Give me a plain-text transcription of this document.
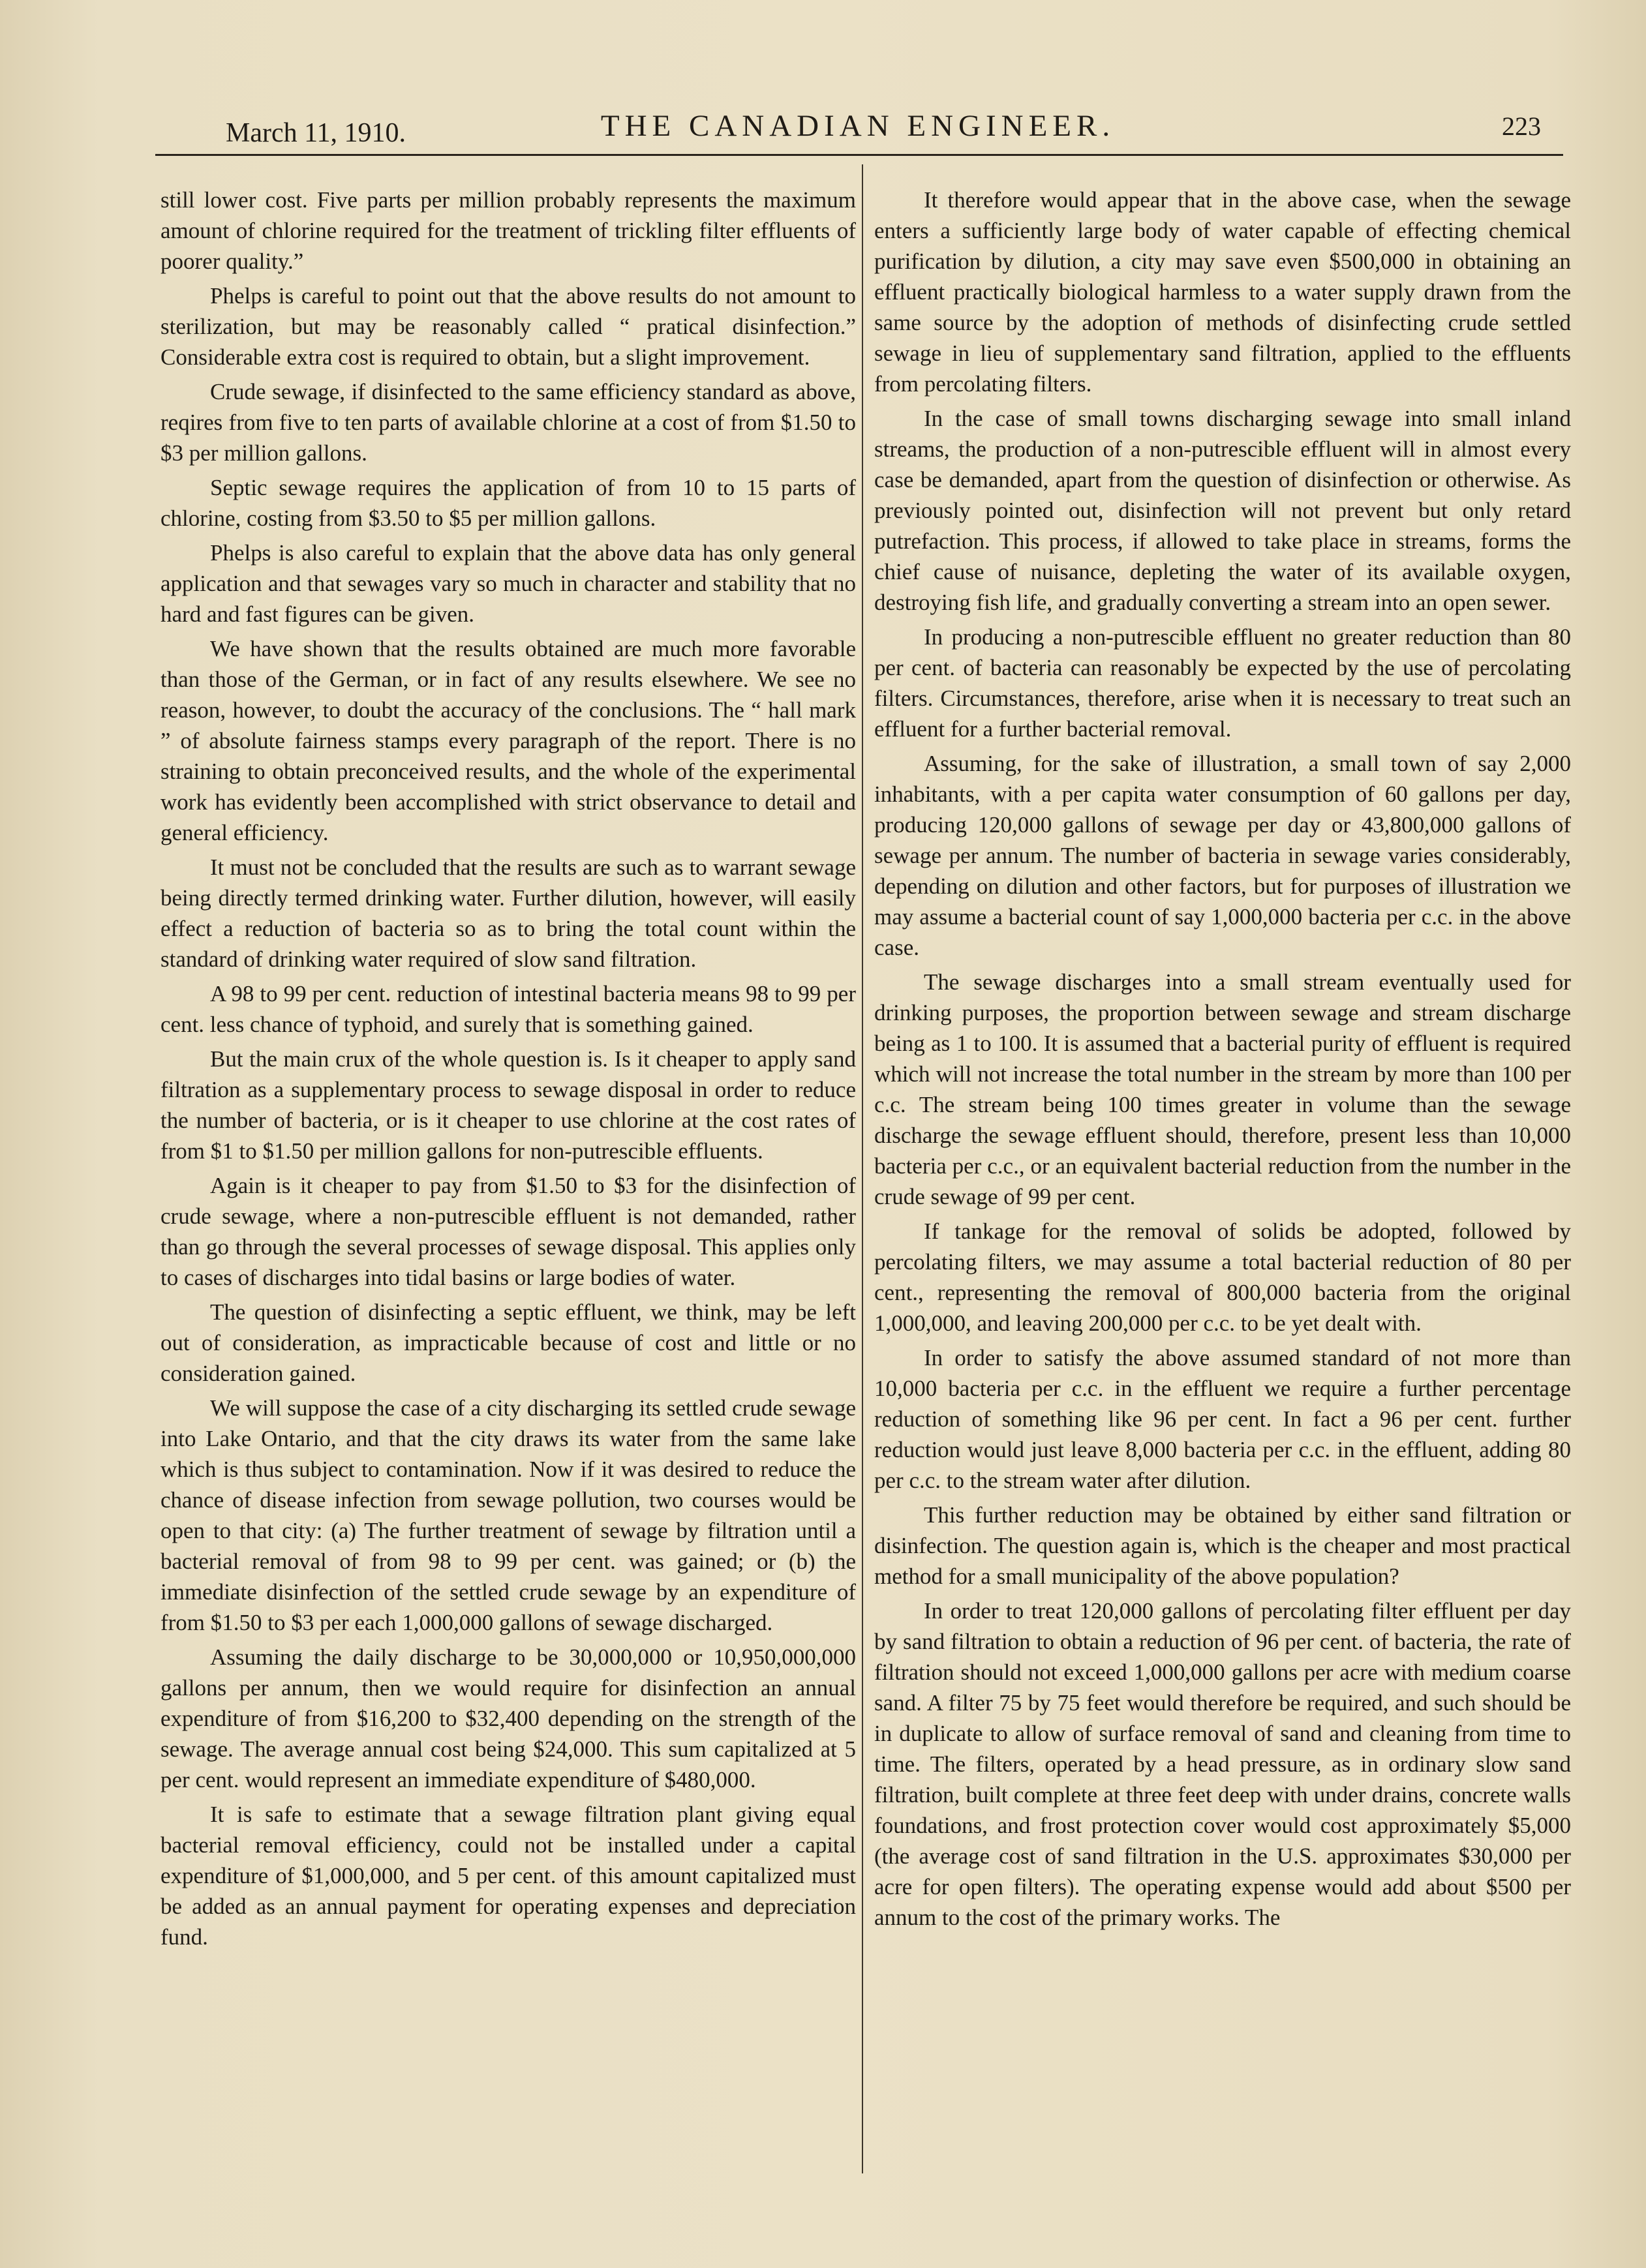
March 11, 1910.	THE CANADIAN ENGINEER.	223

still lower cost. Five parts per million probably represents the maximum amount of chlorine required for the treatment of trickling filter effluents of poorer quality.”

Phelps is careful to point out that the above results do not amount to sterilization, but may be reasonably called “ pratical disinfection.” Considerable extra cost is required to obtain, but a slight improvement.

Crude sewage, if disinfected to the same efficiency standard as above, reqires from five to ten parts of available chlorine at a cost of from $1.50 to $3 per million gallons.

Septic sewage requires the application of from 10 to 15 parts of chlorine, costing from $3.50 to $5 per million gallons.

Phelps is also careful to explain that the above data has only general application and that sewages vary so much in character and stability that no hard and fast figures can be given.

We have shown that the results obtained are much more favorable than those of the German, or in fact of any results elsewhere. We see no reason, however, to doubt the accuracy of the conclusions. The “ hall mark ” of absolute fairness stamps every paragraph of the report. There is no straining to obtain preconceived results, and the whole of the experimental work has evidently been accomplished with strict observance to detail and general efficiency.

It must not be concluded that the results are such as to warrant sewage being directly termed drinking water. Further dilution, however, will easily effect a reduction of bacteria so as to bring the total count within the standard of drinking water required of slow sand filtration.

A 98 to 99 per cent. reduction of intestinal bacteria means 98 to 99 per cent. less chance of typhoid, and surely that is something gained.

But the main crux of the whole question is. Is it cheaper to apply sand filtration as a supplementary process to sewage disposal in order to reduce the number of bacteria, or is it cheaper to use chlorine at the cost rates of from $1 to $1.50 per million gallons for non-putrescible effluents.

Again is it cheaper to pay from $1.50 to $3 for the disinfection of crude sewage, where a non-putrescible effluent is not demanded, rather than go through the several processes of sewage disposal. This applies only to cases of discharges into tidal basins or large bodies of water.

The question of disinfecting a septic effluent, we think, may be left out of consideration, as impracticable because of cost and little or no consideration gained.

We will suppose the case of a city discharging its settled crude sewage into Lake Ontario, and that the city draws its water from the same lake which is thus subject to contamination. Now if it was desired to reduce the chance of disease infection from sewage pollution, two courses would be open to that city: (a) The further treatment of sewage by filtration until a bacterial removal of from 98 to 99 per cent. was gained; or (b) the immediate disinfection of the settled crude sewage by an expenditure of from $1.50 to $3 per each 1,000,000 gallons of sewage discharged.

Assuming the daily discharge to be 30,000,000 or 10,950,000,000 gallons per annum, then we would require for disinfection an annual expenditure of from $16,200 to $32,400 depending on the strength of the sewage. The average annual cost being $24,000. This sum capitalized at 5 per cent. would represent an immediate expenditure of $480,000.

It is safe to estimate that a sewage filtration plant giving equal bacterial removal efficiency, could not be installed under a capital expenditure of $1,000,000, and 5 per cent. of this amount capitalized must be added as an annual payment for operating expenses and depreciation fund.

It therefore would appear that in the above case, when the sewage enters a sufficiently large body of water capable of effecting chemical purification by dilution, a city may save even $500,000 in obtaining an effluent practically biological harmless to a water supply drawn from the same source by the adoption of methods of disinfecting crude settled sewage in lieu of supplementary sand filtration, applied to the effluents from percolating filters.

In the case of small towns discharging sewage into small inland streams, the production of a non-putrescible effluent will in almost every case be demanded, apart from the question of disinfection or otherwise. As previously pointed out, disinfection will not prevent but only retard putrefaction. This process, if allowed to take place in streams, forms the chief cause of nuisance, depleting the water of its available oxygen, destroying fish life, and gradually converting a stream into an open sewer.

In producing a non-putrescible effluent no greater reduction than 80 per cent. of bacteria can reasonably be expected by the use of percolating filters. Circumstances, therefore, arise when it is necessary to treat such an effluent for a further bacterial removal.

Assuming, for the sake of illustration, a small town of say 2,000 inhabitants, with a per capita water consumption of 60 gallons per day, producing 120,000 gallons of sewage per day or 43,800,000 gallons of sewage per annum. The number of bacteria in sewage varies considerably, depending on dilution and other factors, but for purposes of illustration we may assume a bacterial count of say 1,000,000 bacteria per c.c. in the above case.

The sewage discharges into a small stream eventually used for drinking purposes, the proportion between sewage and stream discharge being as 1 to 100. It is assumed that a bacterial purity of effluent is required which will not increase the total number in the stream by more than 100 per c.c. The stream being 100 times greater in volume than the sewage discharge the sewage effluent should, therefore, present less than 10,000 bacteria per c.c., or an equivalent bacterial reduction from the number in the crude sewage of 99 per cent.

If tankage for the removal of solids be adopted, followed by percolating filters, we may assume a total bacterial reduction of 80 per cent., representing the removal of 800,000 bacteria from the original 1,000,000, and leaving 200,000 per c.c. to be yet dealt with.

In order to satisfy the above assumed standard of not more than 10,000 bacteria per c.c. in the effluent we require a further percentage reduction of something like 96 per cent. In fact a 96 per cent. further reduction would just leave 8,000 bacteria per c.c. in the effluent, adding 80 per c.c. to the stream water after dilution.

This further reduction may be obtained by either sand filtration or disinfection. The question again is, which is the cheaper and most practical method for a small municipality of the above population?

In order to treat 120,000 gallons of percolating filter effluent per day by sand filtration to obtain a reduction of 96 per cent. of bacteria, the rate of filtration should not exceed 1,000,000 gallons per acre with medium coarse sand. A filter 75 by 75 feet would therefore be required, and such should be in duplicate to allow of surface removal of sand and cleaning from time to time. The filters, operated by a head pressure, as in ordinary slow sand filtration, built complete at three feet deep with under drains, concrete walls foundations, and frost protection cover would cost approximately $5,000 (the average cost of sand filtration in the U.S. approximates $30,000 per acre for open filters). The operating expense would add about $500 per annum to the cost of the primary works. The
